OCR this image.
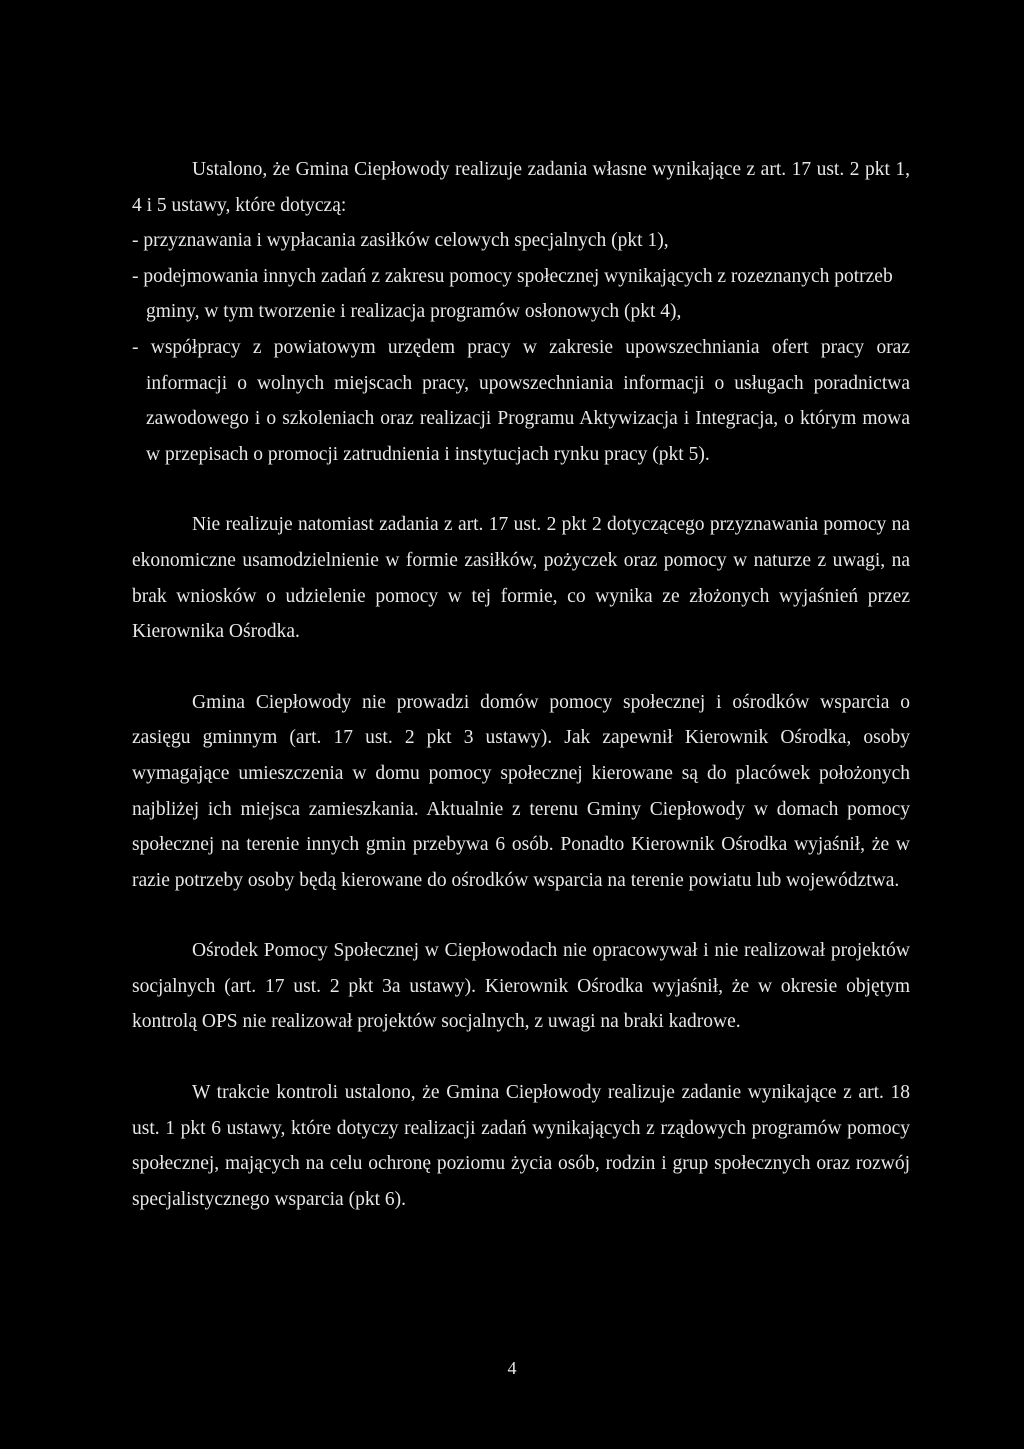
Ustalono, że Gmina Ciepłowody realizuje zadania własne wynikające z art. 17 ust. 2 pkt 1, 4 i 5 ustawy, które dotyczą:

- przyznawania i wypłacania zasiłków celowych specjalnych (pkt 1),

- podejmowania innych zadań z zakresu pomocy społecznej wynikających z rozeznanych potrzeb gminy, w tym tworzenie i realizacja programów osłonowych (pkt 4),

- współpracy z powiatowym urzędem pracy w zakresie upowszechniania ofert pracy oraz informacji o wolnych miejscach pracy, upowszechniania informacji o usługach poradnictwa zawodowego i o szkoleniach oraz realizacji Programu Aktywizacja i Integracja, o którym mowa w przepisach o promocji zatrudnienia i instytucjach rynku pracy (pkt 5).

Nie realizuje natomiast zadania z art. 17 ust. 2 pkt 2 dotyczącego przyznawania pomocy na ekonomiczne usamodzielnienie w formie zasiłków, pożyczek oraz pomocy w naturze z uwagi, na brak wniosków o udzielenie pomocy w tej formie, co wynika ze złożonych wyjaśnień przez Kierownika Ośrodka.

Gmina Ciepłowody nie prowadzi domów pomocy społecznej i ośrodków wsparcia o zasięgu gminnym (art. 17 ust. 2 pkt 3 ustawy). Jak zapewnił Kierownik Ośrodka, osoby wymagające umieszczenia w domu pomocy społecznej kierowane są do placówek położonych najbliżej ich miejsca zamieszkania. Aktualnie z terenu Gminy Ciepłowody w domach pomocy społecznej na terenie innych gmin przebywa 6 osób. Ponadto Kierownik Ośrodka wyjaśnił, że w razie potrzeby osoby będą kierowane do ośrodków wsparcia na terenie powiatu lub województwa.

Ośrodek Pomocy Społecznej w Ciepłowodach nie opracowywał i nie realizował projektów socjalnych (art. 17 ust. 2 pkt 3a ustawy). Kierownik Ośrodka wyjaśnił, że w okresie objętym kontrolą OPS nie realizował projektów socjalnych, z uwagi na braki kadrowe.

W trakcie kontroli ustalono, że Gmina Ciepłowody realizuje zadanie wynikające z art. 18 ust. 1 pkt 6 ustawy, które dotyczy realizacji zadań wynikających z rządowych programów pomocy społecznej, mających na celu ochronę poziomu życia osób, rodzin i grup społecznych oraz rozwój specjalistycznego wsparcia (pkt 6).

4
